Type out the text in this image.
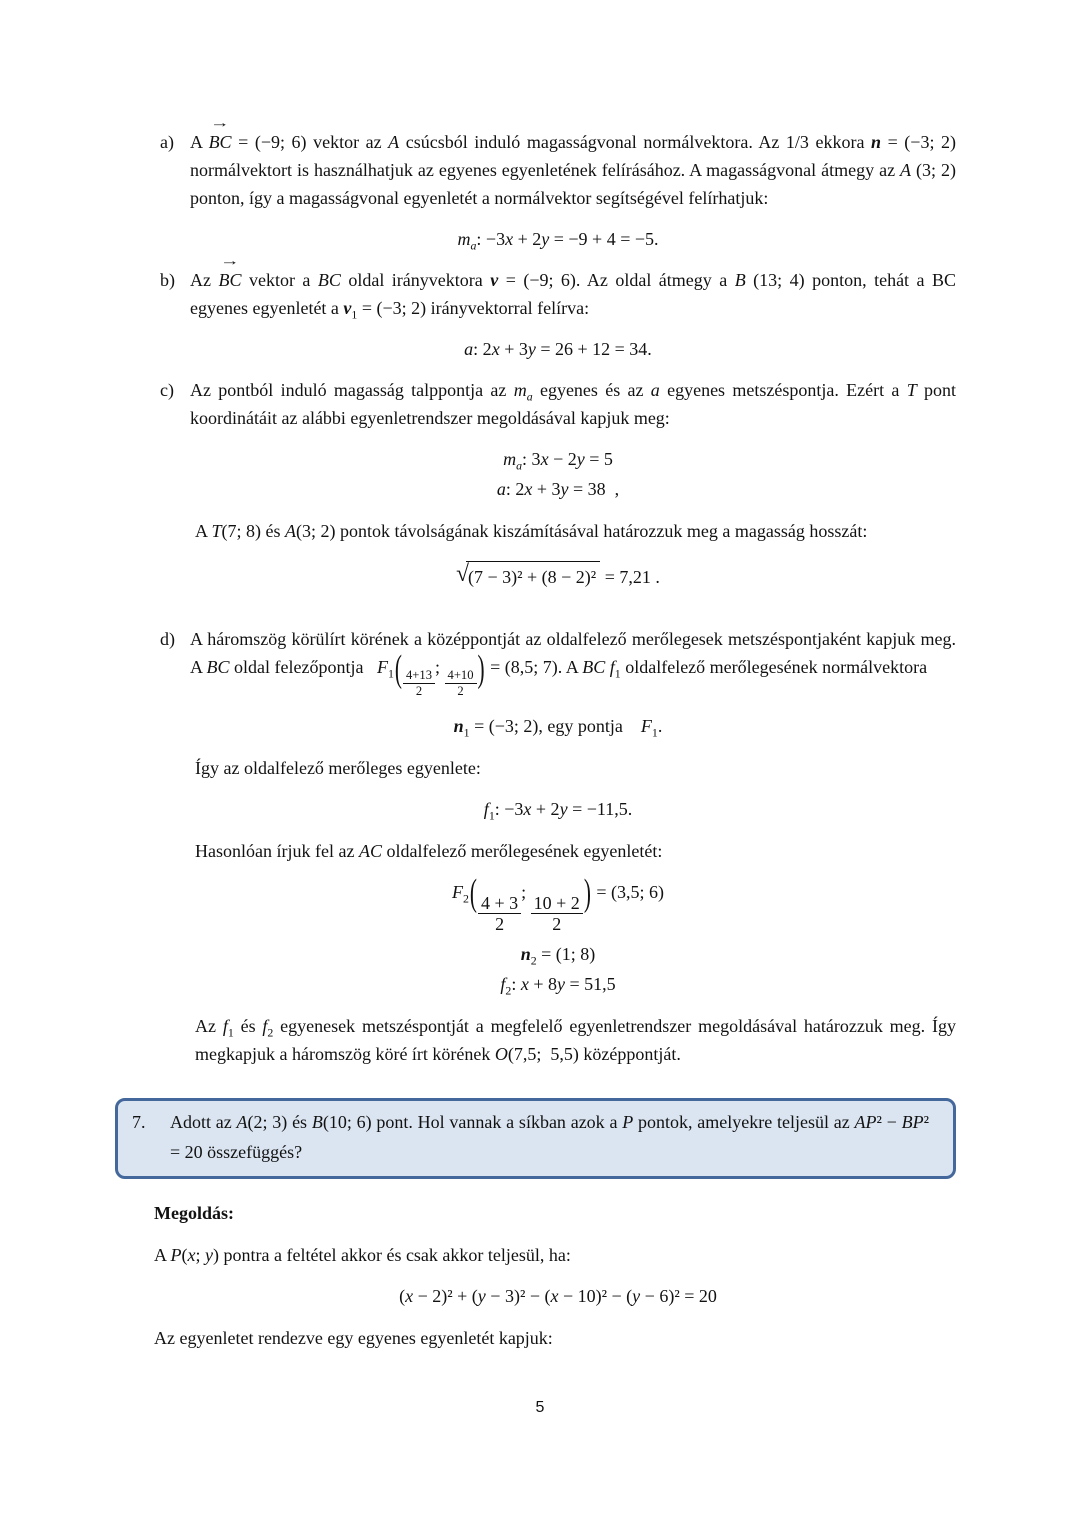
a) A → BC = (−9; 6) vektor az A csúcsból induló magasságvonal normálvektora. Az 1/3 ekkora n = (−3; 2) normálvektort is használhatjuk az egyenes egyenletének felírásához. A magasságvonal átmegy az A (3; 2) ponton, így a magasságvonal egyenletét a normálvektor segítségével felírhatjuk:
$m_a$: −3x + 2y = −9 + 4 = −5.
b) Az → BC vektor a BC oldal irányvektora v = (−9; 6). Az oldal átmegy a B (13; 4) ponton, tehát a BC egyenes egyenletét a $v_1 = (-3$; 2) irányvektorral felírva:
a: 2x + 3y = 26 + 12 = 34.
c) Az pontból induló magasság talppontja az $m_a$ egyenes és az a egyenes metszéspontja. Ezért a T pont koordinátáit az alábbi egyenletrendszer megoldásával kapjuk meg:
$m_a$: 3x − 2y = 5
a: 2x + 3y = 38  ,

A T(7; 8) és A(3; 2) pontok távolságának kiszámításával határozzuk meg a magasság hosszát:

√(7 − 3)² + (8 − 2)² = 7,21 .
d) A háromszög körülírt körének a középpontját az oldalfelező merőlegesek metszéspontjaként kapjuk meg. A BC oldal felezőpontja   $F_1( \frac{4+13}{2}$
;
$\frac{4+10}{2}$ ) = (8,5; 7). A BC $f_1$ oldalfelező merőlegesének normálvektora
$n_1 = (-3$; 2), egy pontja    $F_1$.

Így az oldalfelező merőleges egyenlete:

$f_1$: −3x + 2y = −11,5.

Hasonlóan írjuk fel az AC oldalfelező merőlegesének egyenletét:

$F_2( \frac{4 + 3}{2}$
;
$\frac{10 + 2}{2}$ ) = (3,5; 6)
$n_2 = (1$; 8)
$f_2$: x + 8y = 51,5

Az $f_1$ és $f_2$ egyenesek metszéspontját a megfelelő egyenletrendszer megoldásával határozzuk meg. Így megkapjuk a háromszög köré írt körének O(7,5;  5,5) középpontját.

7.	Adott az A(2; 3) és B(10; 6) pont. Hol vannak a síkban azok a P pontok, amelyekre teljesül az AP² − BP² = 20 összefüggés?
Megoldás:

A P(x; y) pontra a feltétel akkor és csak akkor teljesül, ha:

(x − 2)² + (y − 3)² − (x − 10)² − (y − 6)² = 20

Az egyenletet rendezve egy egyenes egyenletét kapjuk:

5
